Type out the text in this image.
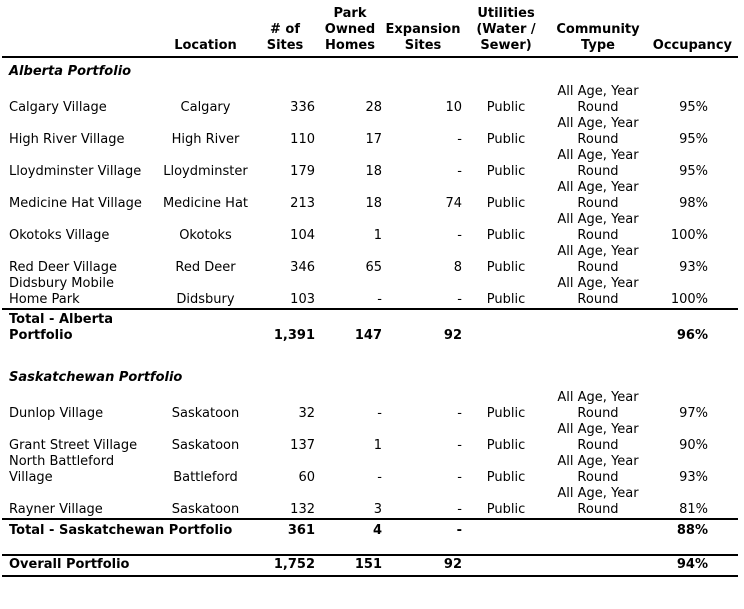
	Location	# of Sites	Park Owned Homes	Expansion Sites	Utilities (Water / Sewer)	Community Type	Occupancy
Alberta Portfolio							
Calgary Village	Calgary	336	28	10	Public	All Age, Year Round	95%
High River Village	High River	110	17	-	Public	All Age, Year Round	95%
Lloydminster Village	Lloydminster	179	18	-	Public	All Age, Year Round	95%
Medicine Hat Village	Medicine Hat	213	18	74	Public	All Age, Year Round	98%
Okotoks Village	Okotoks	104	1	-	Public	All Age, Year Round	100%
Red Deer Village	Red Deer	346	65	8	Public	All Age, Year Round	93%
Didsbury Mobile Home Park	Didsbury	103	-	-	Public	All Age, Year Round	100%
Total - Alberta Portfolio		1,391	147	92			96%

Saskatchewan Portfolio							
Dunlop Village	Saskatoon	32	-	-	Public	All Age, Year Round	97%
Grant Street Village	Saskatoon	137	1	-	Public	All Age, Year Round	90%
North Battleford Village	Battleford	60	-	-	Public	All Age, Year Round	93%
Rayner Village	Saskatoon	132	3	-	Public	All Age, Year Round	81%
Total - Saskatchewan Portfolio		361	4	-			88%

Overall Portfolio		1,752	151	92			94%
